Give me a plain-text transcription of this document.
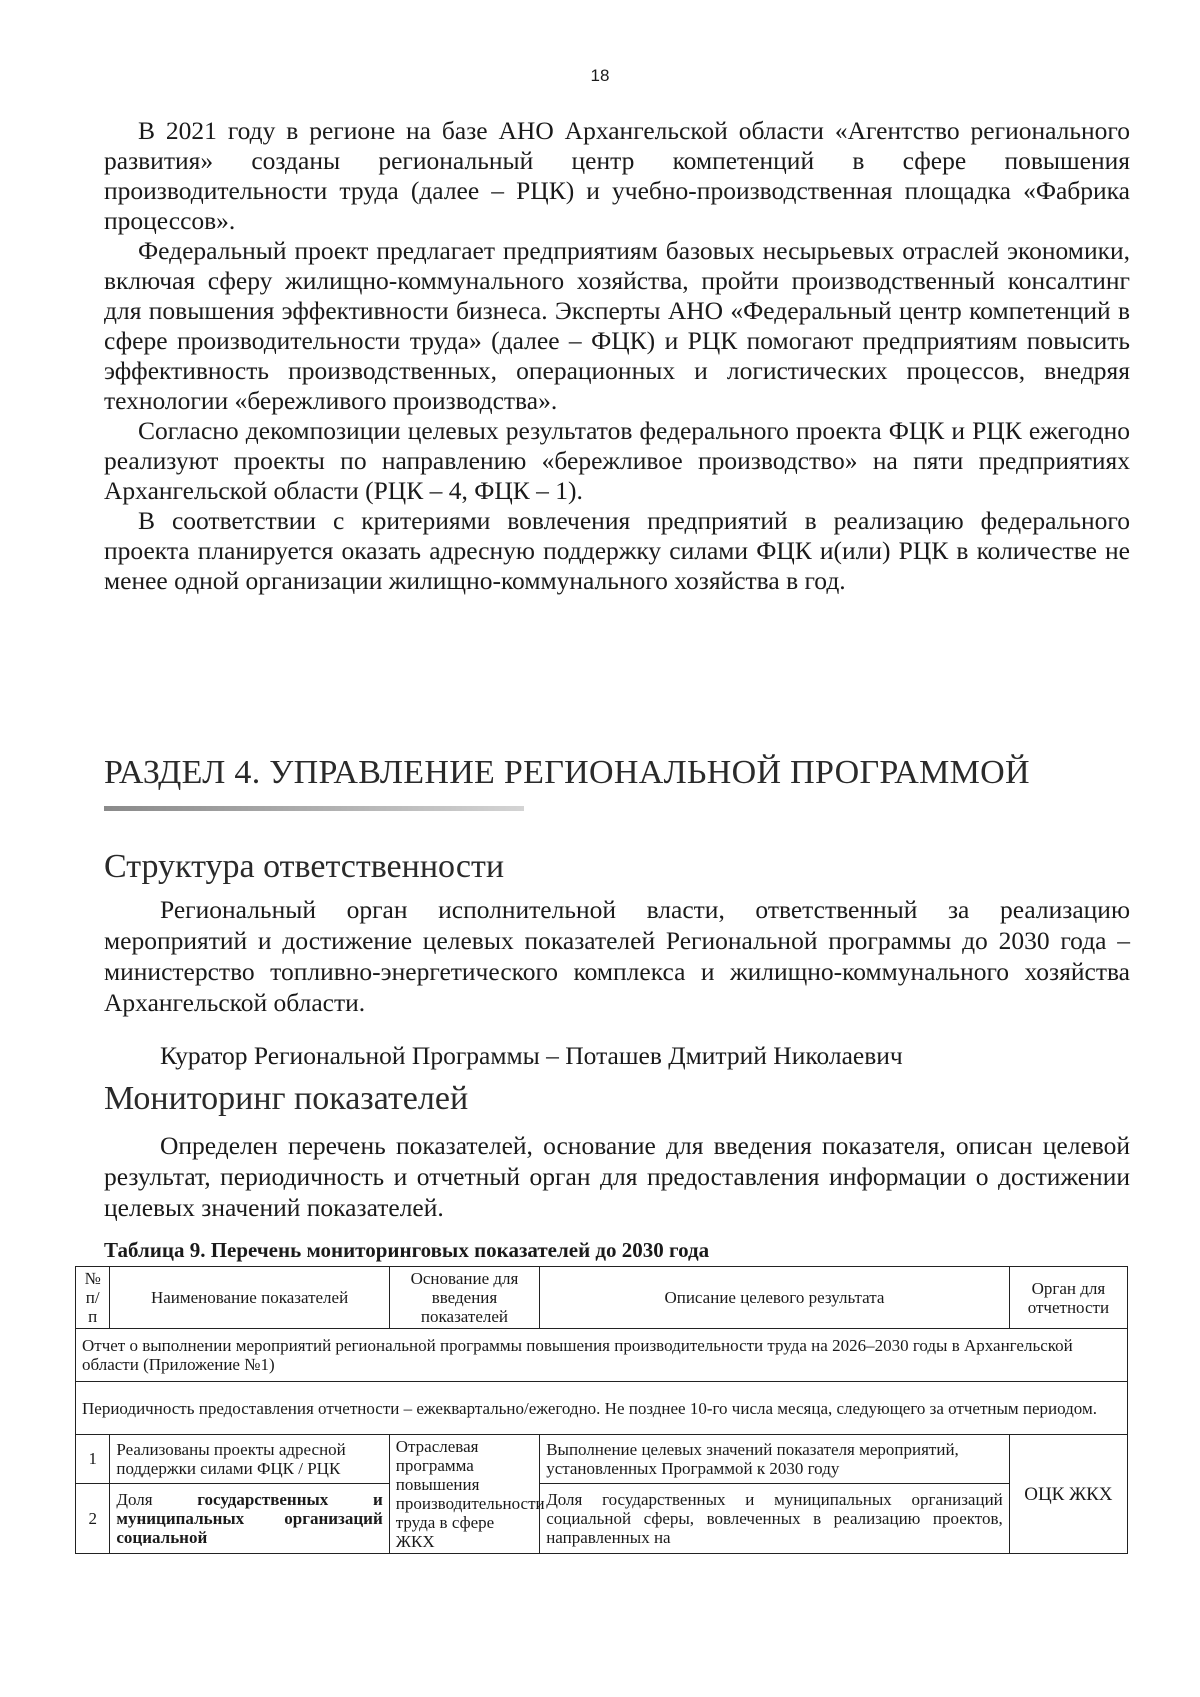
18

В 2021 году в регионе на базе АНО Архангельской области «Агентство регионального развития» созданы региональный центр компетенций в сфере повышения производительности труда (далее – РЦК) и учебно-производственная площадка «Фабрика процессов».

Федеральный проект предлагает предприятиям базовых несырьевых отраслей экономики, включая сферу жилищно-коммунального хозяйства, пройти производственный консалтинг для повышения эффективности бизнеса. Эксперты АНО «Федеральный центр компетенций в сфере производительности труда» (далее – ФЦК) и РЦК помогают предприятиям повысить эффективность производственных, операционных и логистических процессов, внедряя технологии «бережливого производства».

Согласно декомпозиции целевых результатов федерального проекта ФЦК и РЦК ежегодно реализуют проекты по направлению «бережливое производство» на пяти предприятиях Архангельской области (РЦК – 4, ФЦК – 1).

В соответствии с критериями вовлечения предприятий в реализацию федерального проекта планируется оказать адресную поддержку силами ФЦК и(или) РЦК в количестве не менее одной организации жилищно-коммунального хозяйства в год.

РАЗДЕЛ 4. УПРАВЛЕНИЕ РЕГИОНАЛЬНОЙ ПРОГРАММОЙ
Структура ответственности

Региональный орган исполнительной власти, ответственный за реализацию мероприятий и достижение целевых показателей Региональной программы до 2030 года – министерство топливно-энергетического комплекса и жилищно-коммунального хозяйства Архангельской области.

Куратор Региональной Программы – Поташев Дмитрий Николаевич

Мониторинг показателей

Определен перечень показателей, основание для введения показателя, описан целевой результат, периодичность и отчетный орган для предоставления информации о достижении целевых значений показателей.

Таблица 9. Перечень мониторинговых показателей до 2030 года

№ п/п	Наименование показателей	Основание для введения показателей	Описание целевого результата	Орган для отчетности
Отчет о выполнении мероприятий региональной программы повышения производительности труда на 2026–2030 годы в Архангельской области (Приложение №1)				
Периодичность предоставления отчетности – ежеквартально/ежегодно. Не позднее 10-го числа месяца, следующего за отчетным периодом.				
1	Реализованы проекты адресной поддержки силами ФЦК / РЦК	Отраслевая программа повышения производительности труда в сфере ЖКХ	Выполнение целевых значений показателя мероприятий, установленных Программой к 2030 году	ОЦК ЖКХ
2	Доля государственных и муниципальных организаций социальной		Доля государственных и муниципальных организаций социальной сферы, вовлеченных в реализацию проектов, направленных на	
